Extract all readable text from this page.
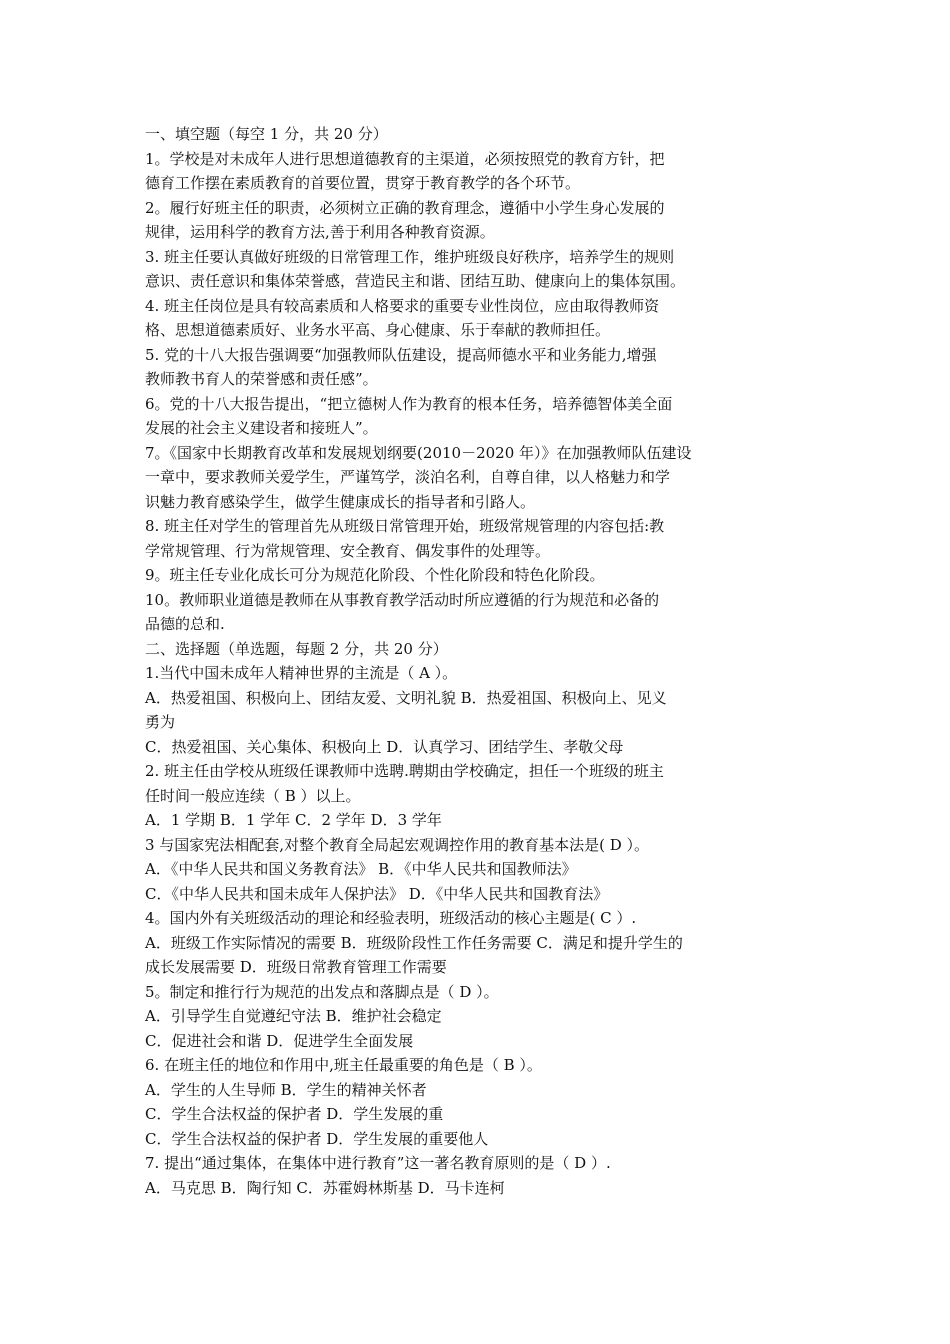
一、填空题（每空 1 分，共 20 分）
1。学校是对未成年人进行思想道德教育的主渠道，必须按照党的教育方针，把
德育工作摆在素质教育的首要位置，贯穿于教育教学的各个环节。
2。履行好班主任的职责，必须树立正确的教育理念，遵循中小学生身心发展的
规律，运用科学的教育方法,善于利用各种教育资源。
3. 班主任要认真做好班级的日常管理工作，维护班级良好秩序，培养学生的规则
意识、责任意识和集体荣誉感，营造民主和谐、团结互助、健康向上的集体氛围。
4. 班主任岗位是具有较高素质和人格要求的重要专业性岗位，应由取得教师资
格、思想道德素质好、业务水平高、身心健康、乐于奉献的教师担任。
5. 党的十八大报告强调要“加强教师队伍建设，提高师德水平和业务能力,增强
教师教书育人的荣誉感和责任感”。
6。党的十八大报告提出，“把立德树人作为教育的根本任务，培养德智体美全面
发展的社会主义建设者和接班人”。
7。《国家中长期教育改革和发展规划纲要(2010－2020 年）》在加强教师队伍建设
一章中，要求教师关爱学生，严谨笃学，淡泊名利，自尊自律，以人格魅力和学
识魅力教育感染学生，做学生健康成长的指导者和引路人。
8. 班主任对学生的管理首先从班级日常管理开始，班级常规管理的内容包括:教
学常规管理、行为常规管理、安全教育、偶发事件的处理等。
9。班主任专业化成长可分为规范化阶段、个性化阶段和特色化阶段。
10。教师职业道德是教师在从事教育教学活动时所应遵循的行为规范和必备的
品德的总和.
二、选择题（单选题，每题 2 分，共 20 分）
1.当代中国未成年人精神世界的主流是（ A ）。
A．热爱祖国、积极向上、团结友爱、文明礼貌 B．热爱祖国、积极向上、见义
勇为
C．热爱祖国、关心集体、积极向上 D．认真学习、团结学生、孝敬父母
2. 班主任由学校从班级任课教师中选聘.聘期由学校确定，担任一个班级的班主
任时间一般应连续（ B ）以上。
A．1 学期 B．1 学年 C．2 学年 D．3 学年
3 与国家宪法相配套,对整个教育全局起宏观调控作用的教育基本法是( D ）。
A．《中华人民共和国义务教育法》 B．《中华人民共和国教师法》
C．《中华人民共和国未成年人保护法》 D．《中华人民共和国教育法》
4。国内外有关班级活动的理论和经验表明，班级活动的核心主题是( C ）.
A．班级工作实际情况的需要 B．班级阶段性工作任务需要 C．满足和提升学生的
成长发展需要 D．班级日常教育管理工作需要
5。制定和推行行为规范的出发点和落脚点是（ D ）。
A．引导学生自觉遵纪守法 B．维护社会稳定
C．促进社会和谐 D．促进学生全面发展
6. 在班主任的地位和作用中,班主任最重要的角色是（ B ）。
A．学生的人生导师 B．学生的精神关怀者
C．学生合法权益的保护者 D．学生发展的重
C．学生合法权益的保护者 D．学生发展的重要他人
7. 提出“通过集体，在集体中进行教育”这一著名教育原则的是（ D ）.
A．马克思 B．陶行知 C．苏霍姆林斯基 D．马卡连柯
